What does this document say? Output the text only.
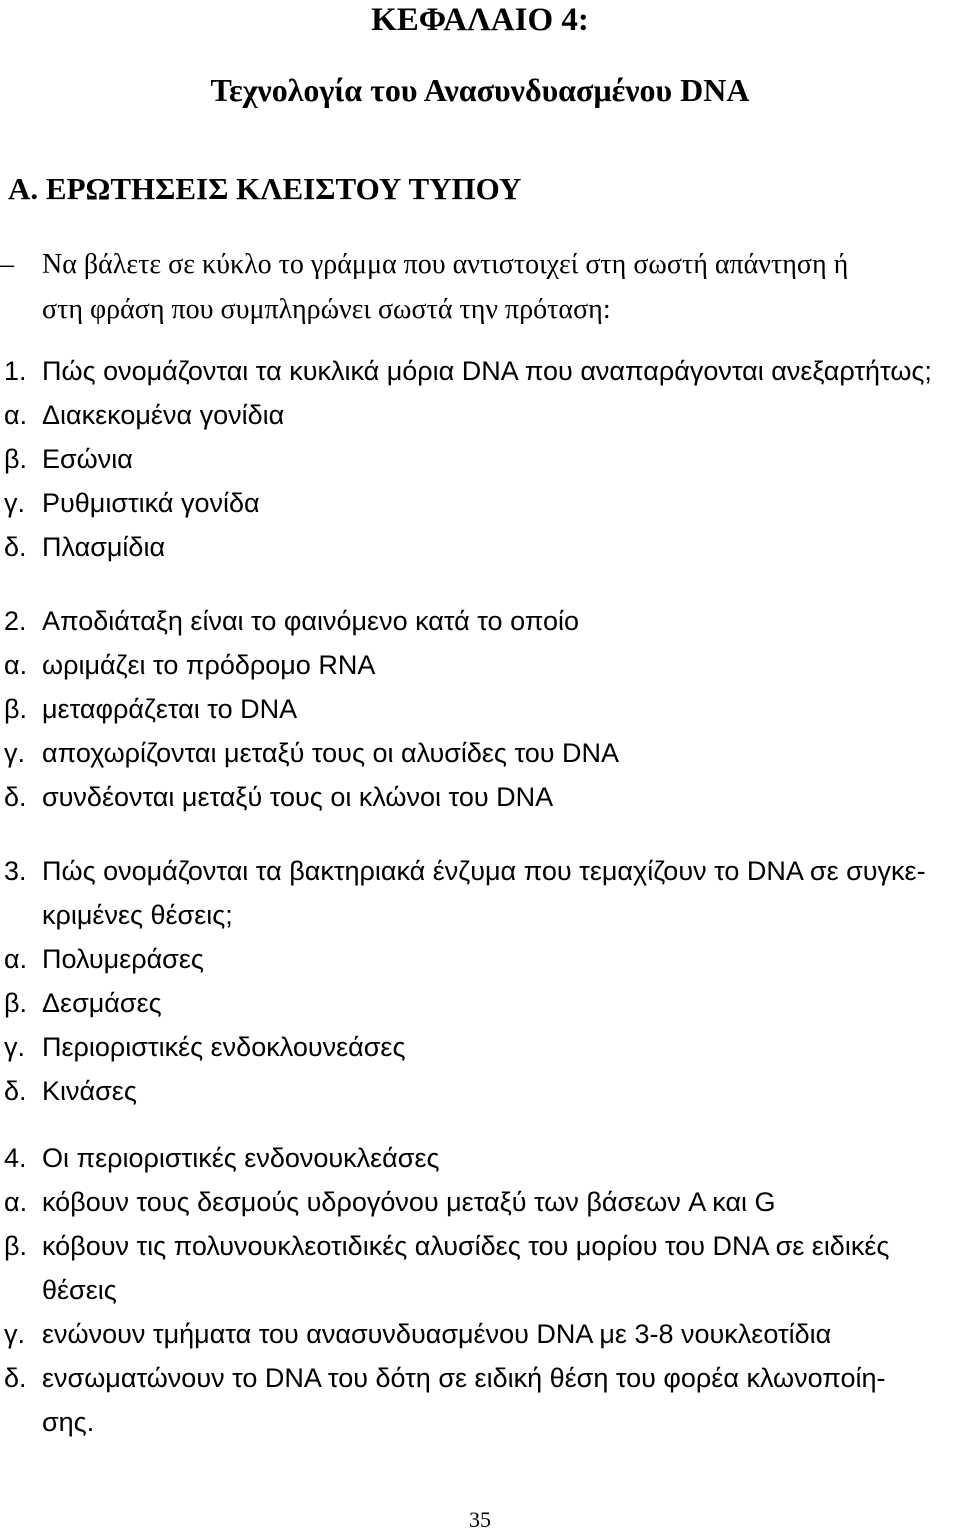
ΚΕΦΑΛΑΙΟ 4:
Τεχνολογία του Ανασυνδυασμένου DNA
Α. ΕΡΩΤΗΣΕΙΣ ΚΛΕΙΣΤΟΥ ΤΥΠΟΥ
–	Να βάλετε σε κύκλο το γράμμα που αντιστοιχεί στη σωστή απάντηση ή
στη φράση που συμπληρώνει σωστά την πρόταση:
1. Πώς ονομάζονται τα κυκλικά μόρια DNA που αναπαράγονται ανεξαρτήτως;
α. Διακεκομένα γονίδια
β. Εσώνια
γ. Ρυθμιστικά γονίδα
δ. Πλασμίδια
2. Αποδιάταξη είναι το φαινόμενο κατά το οποίο
α. ωριμάζει το πρόδρομο RNA
β. μεταφράζεται το DNA
γ. αποχωρίζονται μεταξύ τους οι αλυσίδες του DNA
δ. συνδέονται μεταξύ τους οι κλώνοι του DNA
3. Πώς ονομάζονται τα βακτηριακά ένζυμα που τεμαχίζουν το DNA σε συγκε-
κριμένες θέσεις;
α. Πολυμεράσες
β. Δεσμάσες
γ. Περιοριστικές ενδοκλουνεάσες
δ. Κινάσες
4. Οι περιοριστικές ενδονουκλεάσες
α. κόβουν τους δεσμούς υδρογόνου μεταξύ των βάσεων A και G
β. κόβουν τις πολυνουκλεοτιδικές αλυσίδες του μορίου του DNA σε ειδικές
θέσεις
γ. ενώνουν τμήματα του ανασυνδυασμένου DNA με 3-8 νουκλεοτίδια
δ. ενσωματώνουν το DNA του δότη σε ειδική θέση του φορέα κλωνοποίη-
σης.
35
